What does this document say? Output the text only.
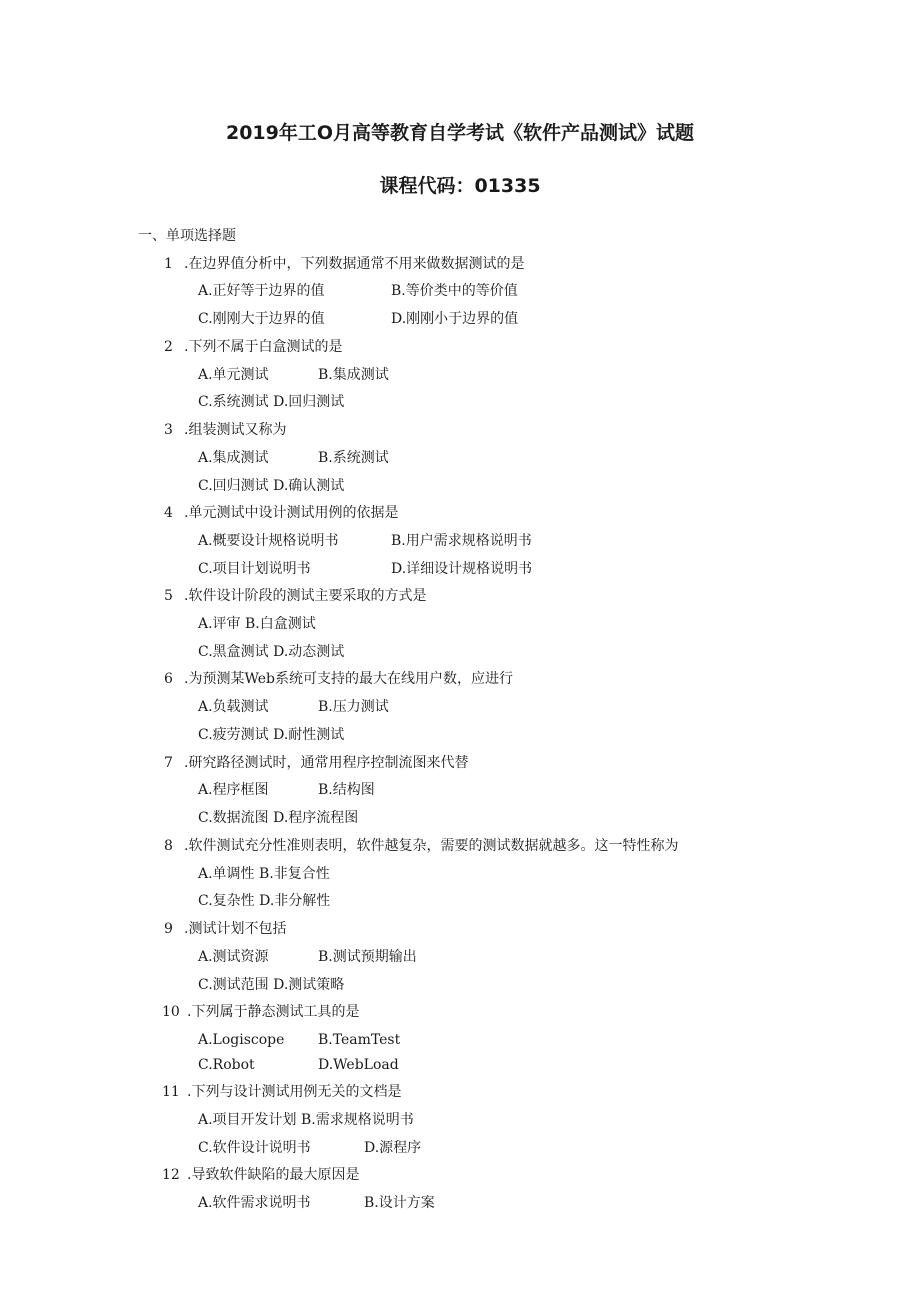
2019年工O月高等教育自学考试《软件产品测试》试题
课程代码：01335
一、单项选择题
1 .在边界值分析中，下列数据通常不用来做数据测试的是
A.正好等于边界的值	B.等价类中的等价值
C.刚刚大于边界的值	D.刚刚小于边界的值
2 .下列不属于白盒测试的是
A.单元测试	B.集成测试
C.系统测试 D.回归测试
3 .组装测试又称为
A.集成测试	B.系统测试
C.回归测试 D.确认测试
4 .单元测试中设计测试用例的依据是
A.概要设计规格说明书	B.用户需求规格说明书
C.项目计划说明书	D.详细设计规格说明书
5 .软件设计阶段的测试主要采取的方式是
A.评审 B.白盒测试
C.黑盒测试 D.动态测试
6 .为预测某Web系统可支持的最大在线用户数，应进行
A.负载测试	B.压力测试
C.疲劳测试 D.耐性测试
7 .研究路径测试时，通常用程序控制流图来代替
A.程序框图	B.结构图
C.数据流图 D.程序流程图
8 .软件测试充分性准则表明，软件越复杂，需要的测试数据就越多。这一特性称为
A.单调性 B.非复合性
C.复杂性 D.非分解性
9 .测试计划不包括
A.测试资源	B.测试预期输出
C.测试范围 D.测试策略
10 .下列属于静态测试工具的是
A.Logiscope B.TeamTest
C.Robot	D.WebLoad
11 .下列与设计测试用例无关的文档是
A.项目开发计划 B.需求规格说明书
C.软件设计说明书	D.源程序
12 .导致软件缺陷的最大原因是
A.软件需求说明书	B.设计方案
